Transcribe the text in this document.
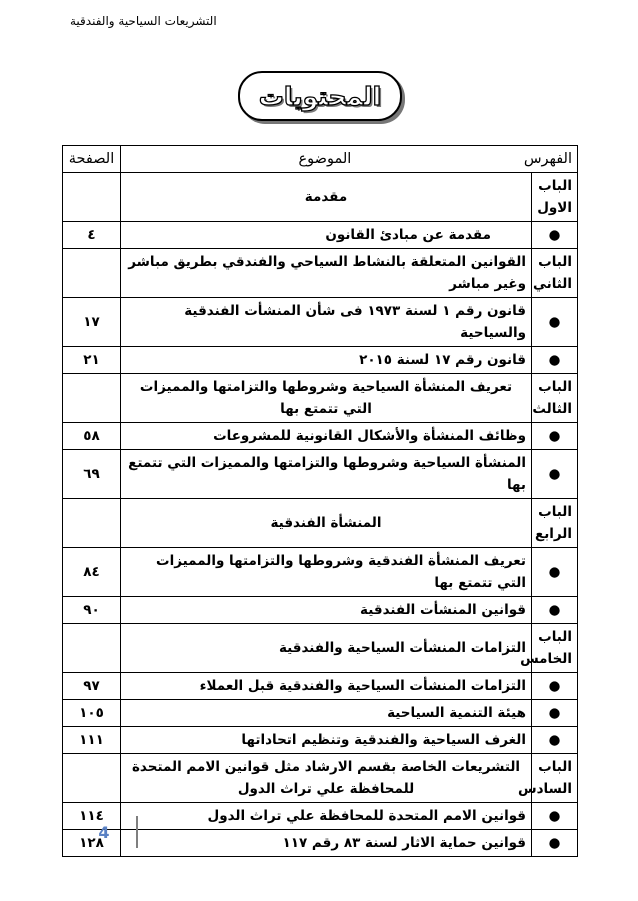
التشريعات السياحية والفندقية
المحتويات
الفهرس
الموضوع		الصفحة
الباب الاول	مقدمة	
●	مقدمة عن مبادئ القانون	٤
الباب الثاني	القوانين المتعلقة بالنشاط السياحي والفندقي بطريق مباشر وغير مباشر	
●	قانون رقم ١ لسنة ١٩٧٣ فى شأن المنشأت الفندقية والسياحية	١٧
●	قانون رقم ١٧ لسنة ٢٠١٥	٢١
الباب الثالث	تعريف المنشأة السياحية وشروطها والتزامتها والمميزات التي تتمتع بها	
●	وظائف المنشأة والأشكال القانونية للمشروعات	٥٨
●	المنشأة السياحية وشروطها والتزامتها والمميزات التي تتمتع بها	٦٩
الباب الرابع	المنشأة الفندقية	
●	تعريف المنشأة الفندقية وشروطها والتزامتها والمميزات التي تتمتع بها	٨٤
●	قوانين المنشأت الفندقية	٩٠
الباب الخامس	التزامات المنشأت السياحية والفندقية	
●	التزامات المنشأت السياحية والفندقية قبل العملاء	٩٧
●	هيئة التنمية السياحية	١٠٥
●	الغرف السياحية والفندقية وتنظيم اتحاداتها	١١١
الباب السادس	التشريعات الخاصة بقسم الارشاد مثل قوانين الامم المتحدة للمحافظة علي تراث الدول	
●	قوانين الامم المتحدة للمحافظة علي تراث الدول	١١٤
●	قوانين حماية الاثار لسنة ٨٣ رقم ١١٧	١٢٨
4
